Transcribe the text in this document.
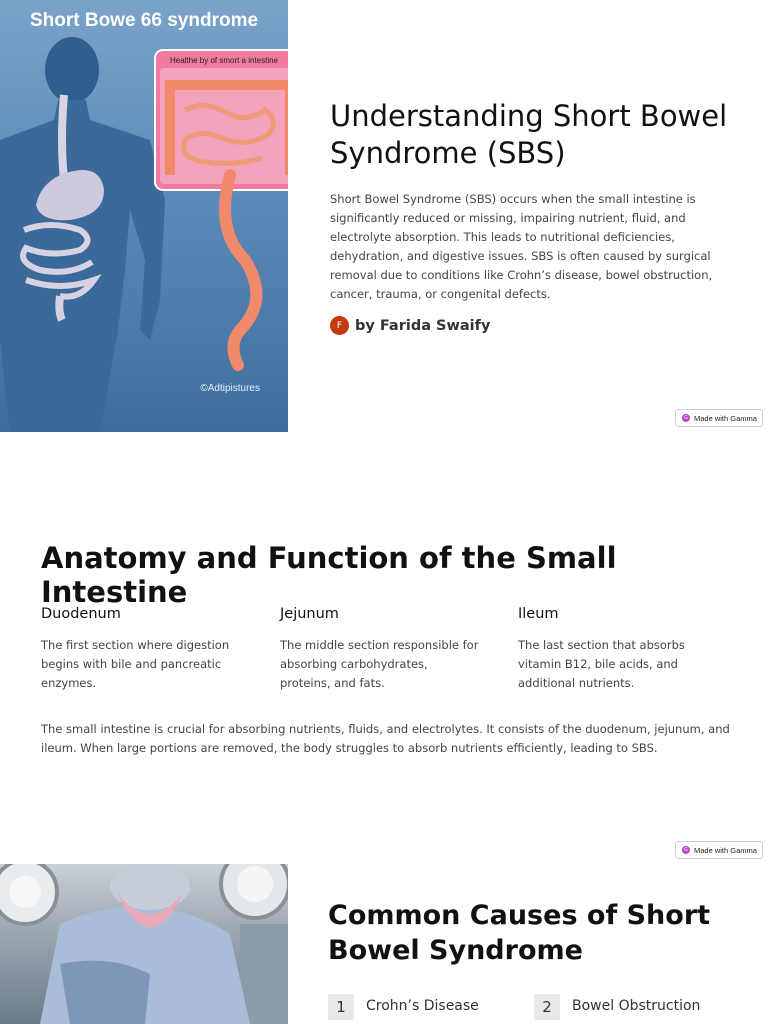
Short Bowe 66 syndrome
Healthe by of smort a intestine
©Adtipistures
Understanding Short Bowel Syndrome (SBS)

Short Bowel Syndrome (SBS) occurs when the small intestine is significantly reduced or missing, impairing nutrient, fluid, and electrolyte absorption. This leads to nutritional deficiencies, dehydration, and digestive issues. SBS is often caused by surgical removal due to conditions like Crohn’s disease, bowel obstruction, cancer, trauma, or congenital defects.

F by Farida Swaify
G Made with Gamma
Anatomy and Function of the Small Intestine
Duodenum

The first section where digestion begins with bile and pancreatic enzymes.

Jejunum

The middle section responsible for absorbing carbohydrates, proteins, and fats.

Ileum

The last section that absorbs vitamin B12, bile acids, and additional nutrients.

The small intestine is crucial for absorbing nutrients, fluids, and electrolytes. It consists of the duodenum, jejunum, and ileum. When large portions are removed, the body struggles to absorb nutrients efficiently, leading to SBS.

G Made with Gamma
Common Causes of Short Bowel Syndrome
1	Crohn’s Disease	2	Bowel Obstruction
